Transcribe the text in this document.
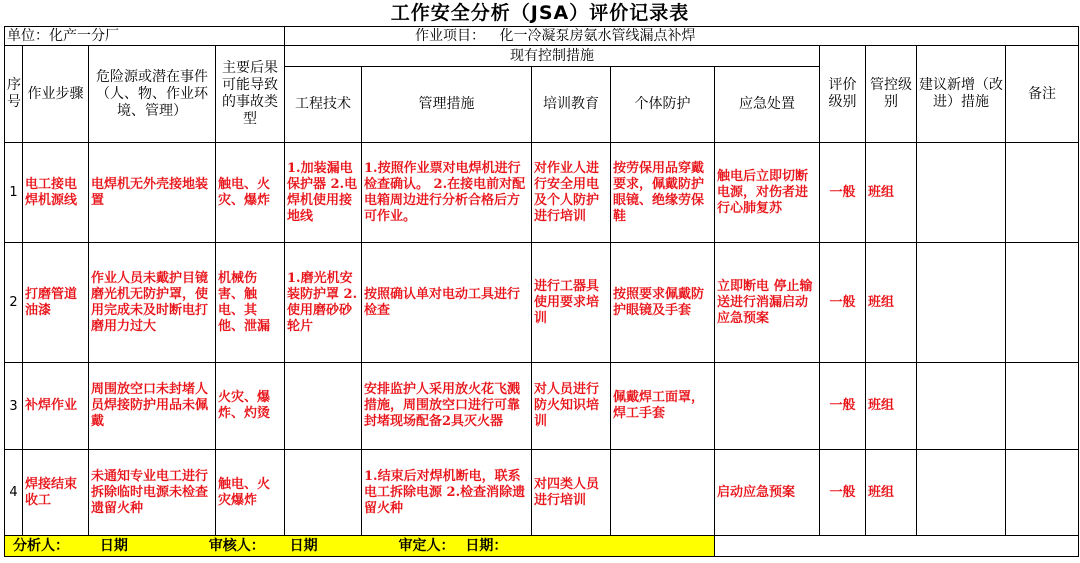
工作安全分析（JSA）评价记录表
单位：化产一分厂				作业项目： 化一冷凝泵房氨水管线漏点补焊								
序号	作业步骤	危险源或潜在事件（人、物、作业环境、管理）	主要后果可能导致的事故类型	现有控制措施					评价级别	管控级别	建议新增（改进）措施	备注
				工程技术	管理措施	培训教育	个体防护	应急处置				
1	电工接电焊机源线	电焊机无外壳接地装置	触电、火灾、爆炸	1.加装漏电保护器 2.电焊机使用接地线	1.按照作业票对电焊机进行检查确认。 2.在接电前对配电箱周边进行分析合格后方可作业。	对作业人进行安全用电及个人防护进行培训	按劳保用品穿戴要求，佩戴防护眼镜、绝缘劳保鞋	触电后立即切断电源，对伤者进行心肺复苏	一般	班组		
2	打磨管道油漆	作业人员未戴护目镜磨光机无防护罩，使用完成未及时断电打磨用力过大	机械伤害、触电、其他、泄漏	1.磨光机安装防护罩 2.使用磨砂砂轮片	按照确认单对电动工具进行检查	进行工器具使用要求培训	按照要求佩戴防护眼镜及手套	立即断电 停止输送进行消漏启动应急预案	一般	班组		
3	补焊作业	周围放空口未封堵人员焊接防护用品未佩戴	火灾、爆炸、灼烫		安排监护人采用放火花飞溅措施，周围放空口进行可靠封堵现场配备2具灭火器	对人员进行防火知识培训	佩戴焊工面罩，焊工手套		一般	班组		
4	焊接结束收工	未通知专业电工进行拆除临时电源未检查遗留火种	触电、火灾爆炸		1.结束后对焊机断电，联系电工拆除电源 2.检查消除遗留火种	对四类人员进行培训		启动应急预案	一般	班组		
分析人： 日期 审核人： 日期 审定人： 日期：												
